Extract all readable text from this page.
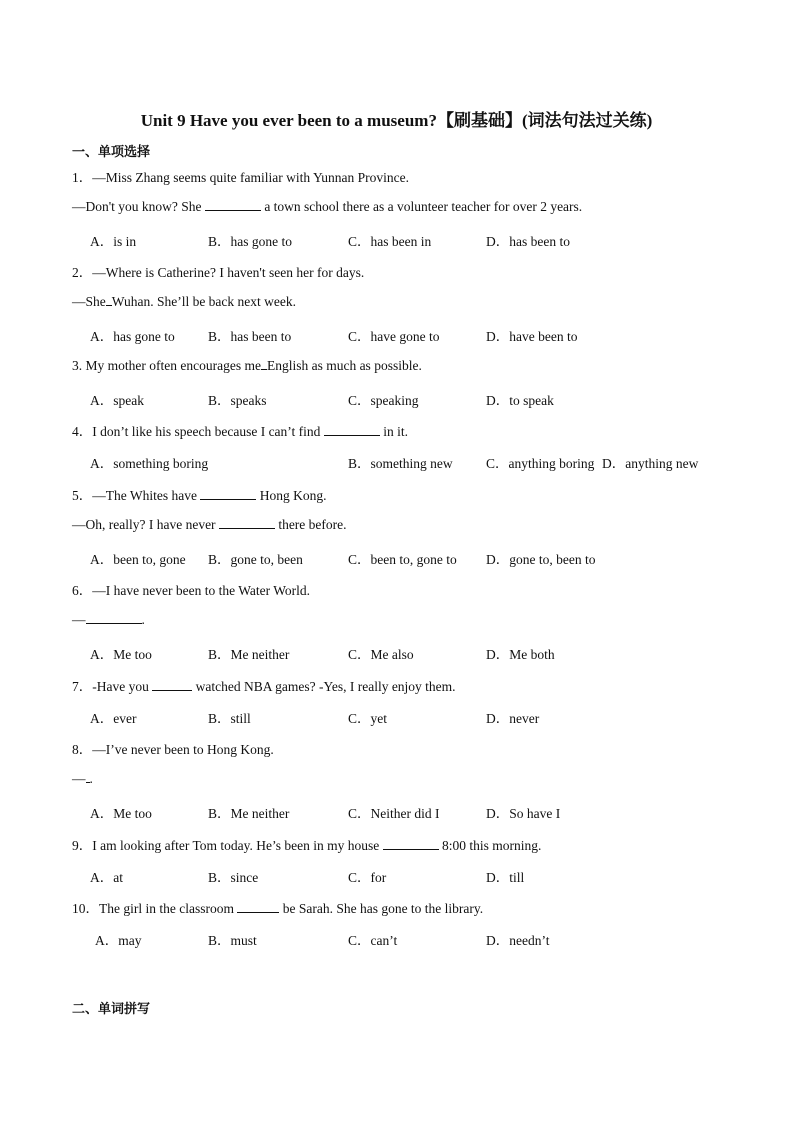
Unit 9 Have you ever been to a museum?【刷基础】(词法句法过关练)
一、单项选择
1．—Miss Zhang seems quite familiar with Yunnan Province.
—Don't you know? She	a town school there as a volunteer teacher for over 2 years.
A．is in	B．has gone to	C．has been in	D．has been to
2．—Where is Catherine? I haven't seen her for days.
—She Wuhan. She’ll be back next week.
A．has gone to B．has been to	C．have gone to	D．have been to
3. My mother often encourages me English as much as possible.
A．speak	B．speaks	C．speaking	D．to speak
4．I don’t like his speech because I can’t find	in it.
A．something boring	B．something new C．anything boring D．anything new
5．—The Whites have	Hong Kong.
—Oh, really? I have never	there before.
A．been to, gone B．gone to, been	C．been to, gone to D．gone to, been to
6．—I have never been to the Water World.
—	.
A．Me too	B．Me neither	C．Me also	D．Me both
7．-Have you	watched NBA games? -Yes, I really enjoy them.
A．ever	B．still	C．yet	D．never
8．—I’ve never been to Hong Kong.
— .
A．Me too	B．Me neither	C．Neither did I	D．So have I
9．I am looking after Tom today. He’s been in my house	8:00 this morning.
A．at	B．since	C．for	D．till
10．The girl in the classroom	be Sarah. She has gone to the library.
A．may	B．must	C．can’t	D．needn’t
二、单词拼写
